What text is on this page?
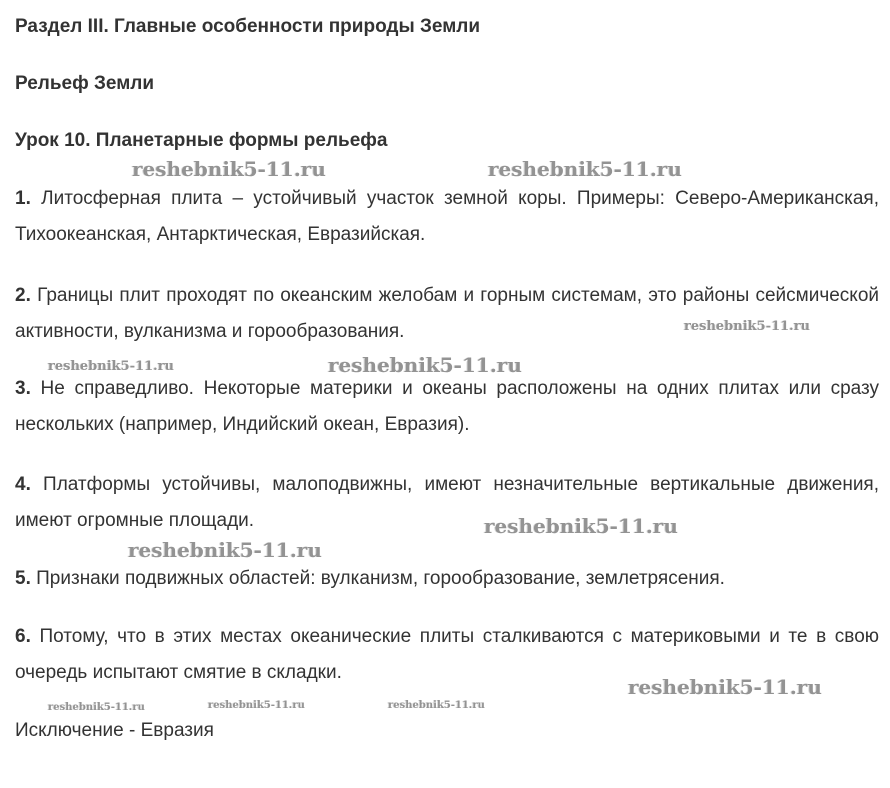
Раздел III. Главные особенности природы Земли
Рельеф Земли
Урок 10. Планетарные формы рельефа

1. Литосферная плита – устойчивый участок земной коры. Примеры: Северо-Американская, Тихоокеанская, Антарктическая, Евразийская.

2. Границы плит проходят по океанским желобам и горным системам, это районы сейсмической активности, вулканизма и горообразования.

3. Не справедливо. Некоторые материки и океаны расположены на одних плитах или сразу нескольких (например, Индийский океан, Евразия).

4. Платформы устойчивы, малоподвижны, имеют незначительные вертикальные движения, имеют огромные площади.

5. Признаки подвижных областей: вулканизм, горообразование, землетрясения.

6. Потому, что в этих местах океанические плиты сталкиваются с материковыми и те в свою очередь испытают смятие в складки.

Исключение - Евразия

reshebnik5-11.ru	reshebnik5-11.ru
reshebnik5-11.ru
reshebnik5-11.ru	reshebnik5-11.ru
reshebnik5-11.ru
reshebnik5-11.ru
reshebnik5-11.ru
reshebnik5-11.ru	reshebnik5-11.ru	reshebnik5-11.ru
